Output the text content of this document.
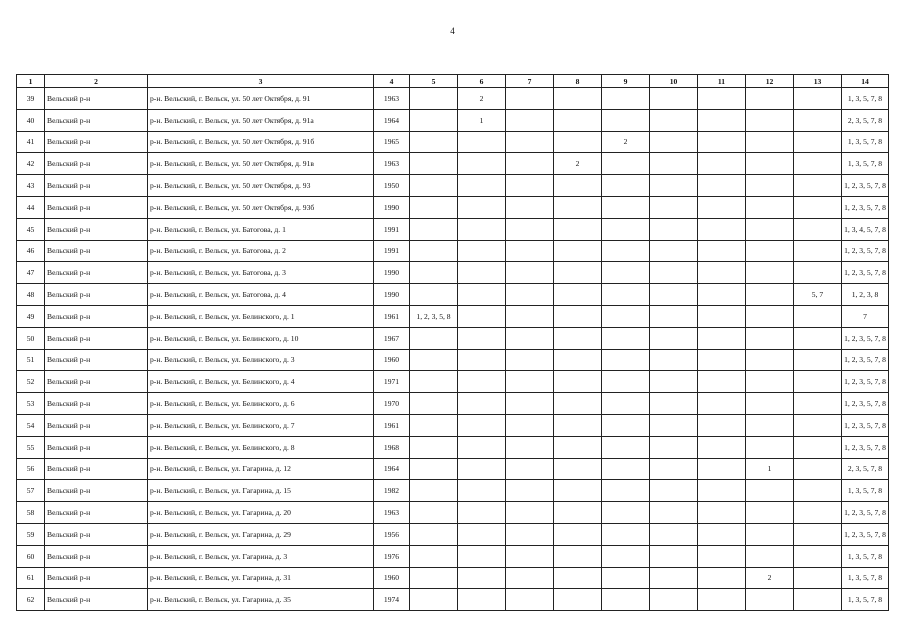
4
1	2	3	4	5	6	7	8	9	10	11	12	13	14
39	Вельский р-н	р-н. Вельский, г. Вельск, ул. 50 лет Октября, д. 91	1963		2								1, 3, 5, 7, 8
40	Вельский р-н	р-н. Вельский, г. Вельск, ул. 50 лет Октября, д. 91а	1964		1								2, 3, 5, 7, 8
41	Вельский р-н	р-н. Вельский, г. Вельск, ул. 50 лет Октября, д. 91б	1965					2					1, 3, 5, 7, 8
42	Вельский р-н	р-н. Вельский, г. Вельск, ул. 50 лет Октября, д. 91в	1963				2						1, 3, 5, 7, 8
43	Вельский р-н	р-н. Вельский, г. Вельск, ул. 50 лет Октября, д. 93	1950										1, 2, 3, 5, 7, 8
44	Вельский р-н	р-н. Вельский, г. Вельск, ул. 50 лет Октября, д. 93б	1990										1, 2, 3, 5, 7, 8
45	Вельский р-н	р-н. Вельский, г. Вельск, ул. Батогова, д. 1	1991										1, 3, 4, 5, 7, 8
46	Вельский р-н	р-н. Вельский, г. Вельск, ул. Батогова, д. 2	1991										1, 2, 3, 5, 7, 8
47	Вельский р-н	р-н. Вельский, г. Вельск, ул. Батогова, д. 3	1990										1, 2, 3, 5, 7, 8
48	Вельский р-н	р-н. Вельский, г. Вельск, ул. Батогова, д. 4	1990									5, 7	1, 2, 3, 8
49	Вельский р-н	р-н. Вельский, г. Вельск, ул. Белинского, д. 1	1961	1, 2, 3, 5, 8									7
50	Вельский р-н	р-н. Вельский, г. Вельск, ул. Белинского, д. 10	1967										1, 2, 3, 5, 7, 8
51	Вельский р-н	р-н. Вельский, г. Вельск, ул. Белинского, д. 3	1960										1, 2, 3, 5, 7, 8
52	Вельский р-н	р-н. Вельский, г. Вельск, ул. Белинского, д. 4	1971										1, 2, 3, 5, 7, 8
53	Вельский р-н	р-н. Вельский, г. Вельск, ул. Белинского, д. 6	1970										1, 2, 3, 5, 7, 8
54	Вельский р-н	р-н. Вельский, г. Вельск, ул. Белинского, д. 7	1961										1, 2, 3, 5, 7, 8
55	Вельский р-н	р-н. Вельский, г. Вельск, ул. Белинского, д. 8	1968										1, 2, 3, 5, 7, 8
56	Вельский р-н	р-н. Вельский, г. Вельск, ул. Гагарина, д. 12	1964								1		2, 3, 5, 7, 8
57	Вельский р-н	р-н. Вельский, г. Вельск, ул. Гагарина, д. 15	1982										1, 3, 5, 7, 8
58	Вельский р-н	р-н. Вельский, г. Вельск, ул. Гагарина, д. 20	1963										1, 2, 3, 5, 7, 8
59	Вельский р-н	р-н. Вельский, г. Вельск, ул. Гагарина, д. 29	1956										1, 2, 3, 5, 7, 8
60	Вельский р-н	р-н. Вельский, г. Вельск, ул. Гагарина, д. 3	1976										1, 3, 5, 7, 8
61	Вельский р-н	р-н. Вельский, г. Вельск, ул. Гагарина, д. 31	1960								2		1, 3, 5, 7, 8
62	Вельский р-н	р-н. Вельский, г. Вельск, ул. Гагарина, д. 35	1974										1, 3, 5, 7, 8
